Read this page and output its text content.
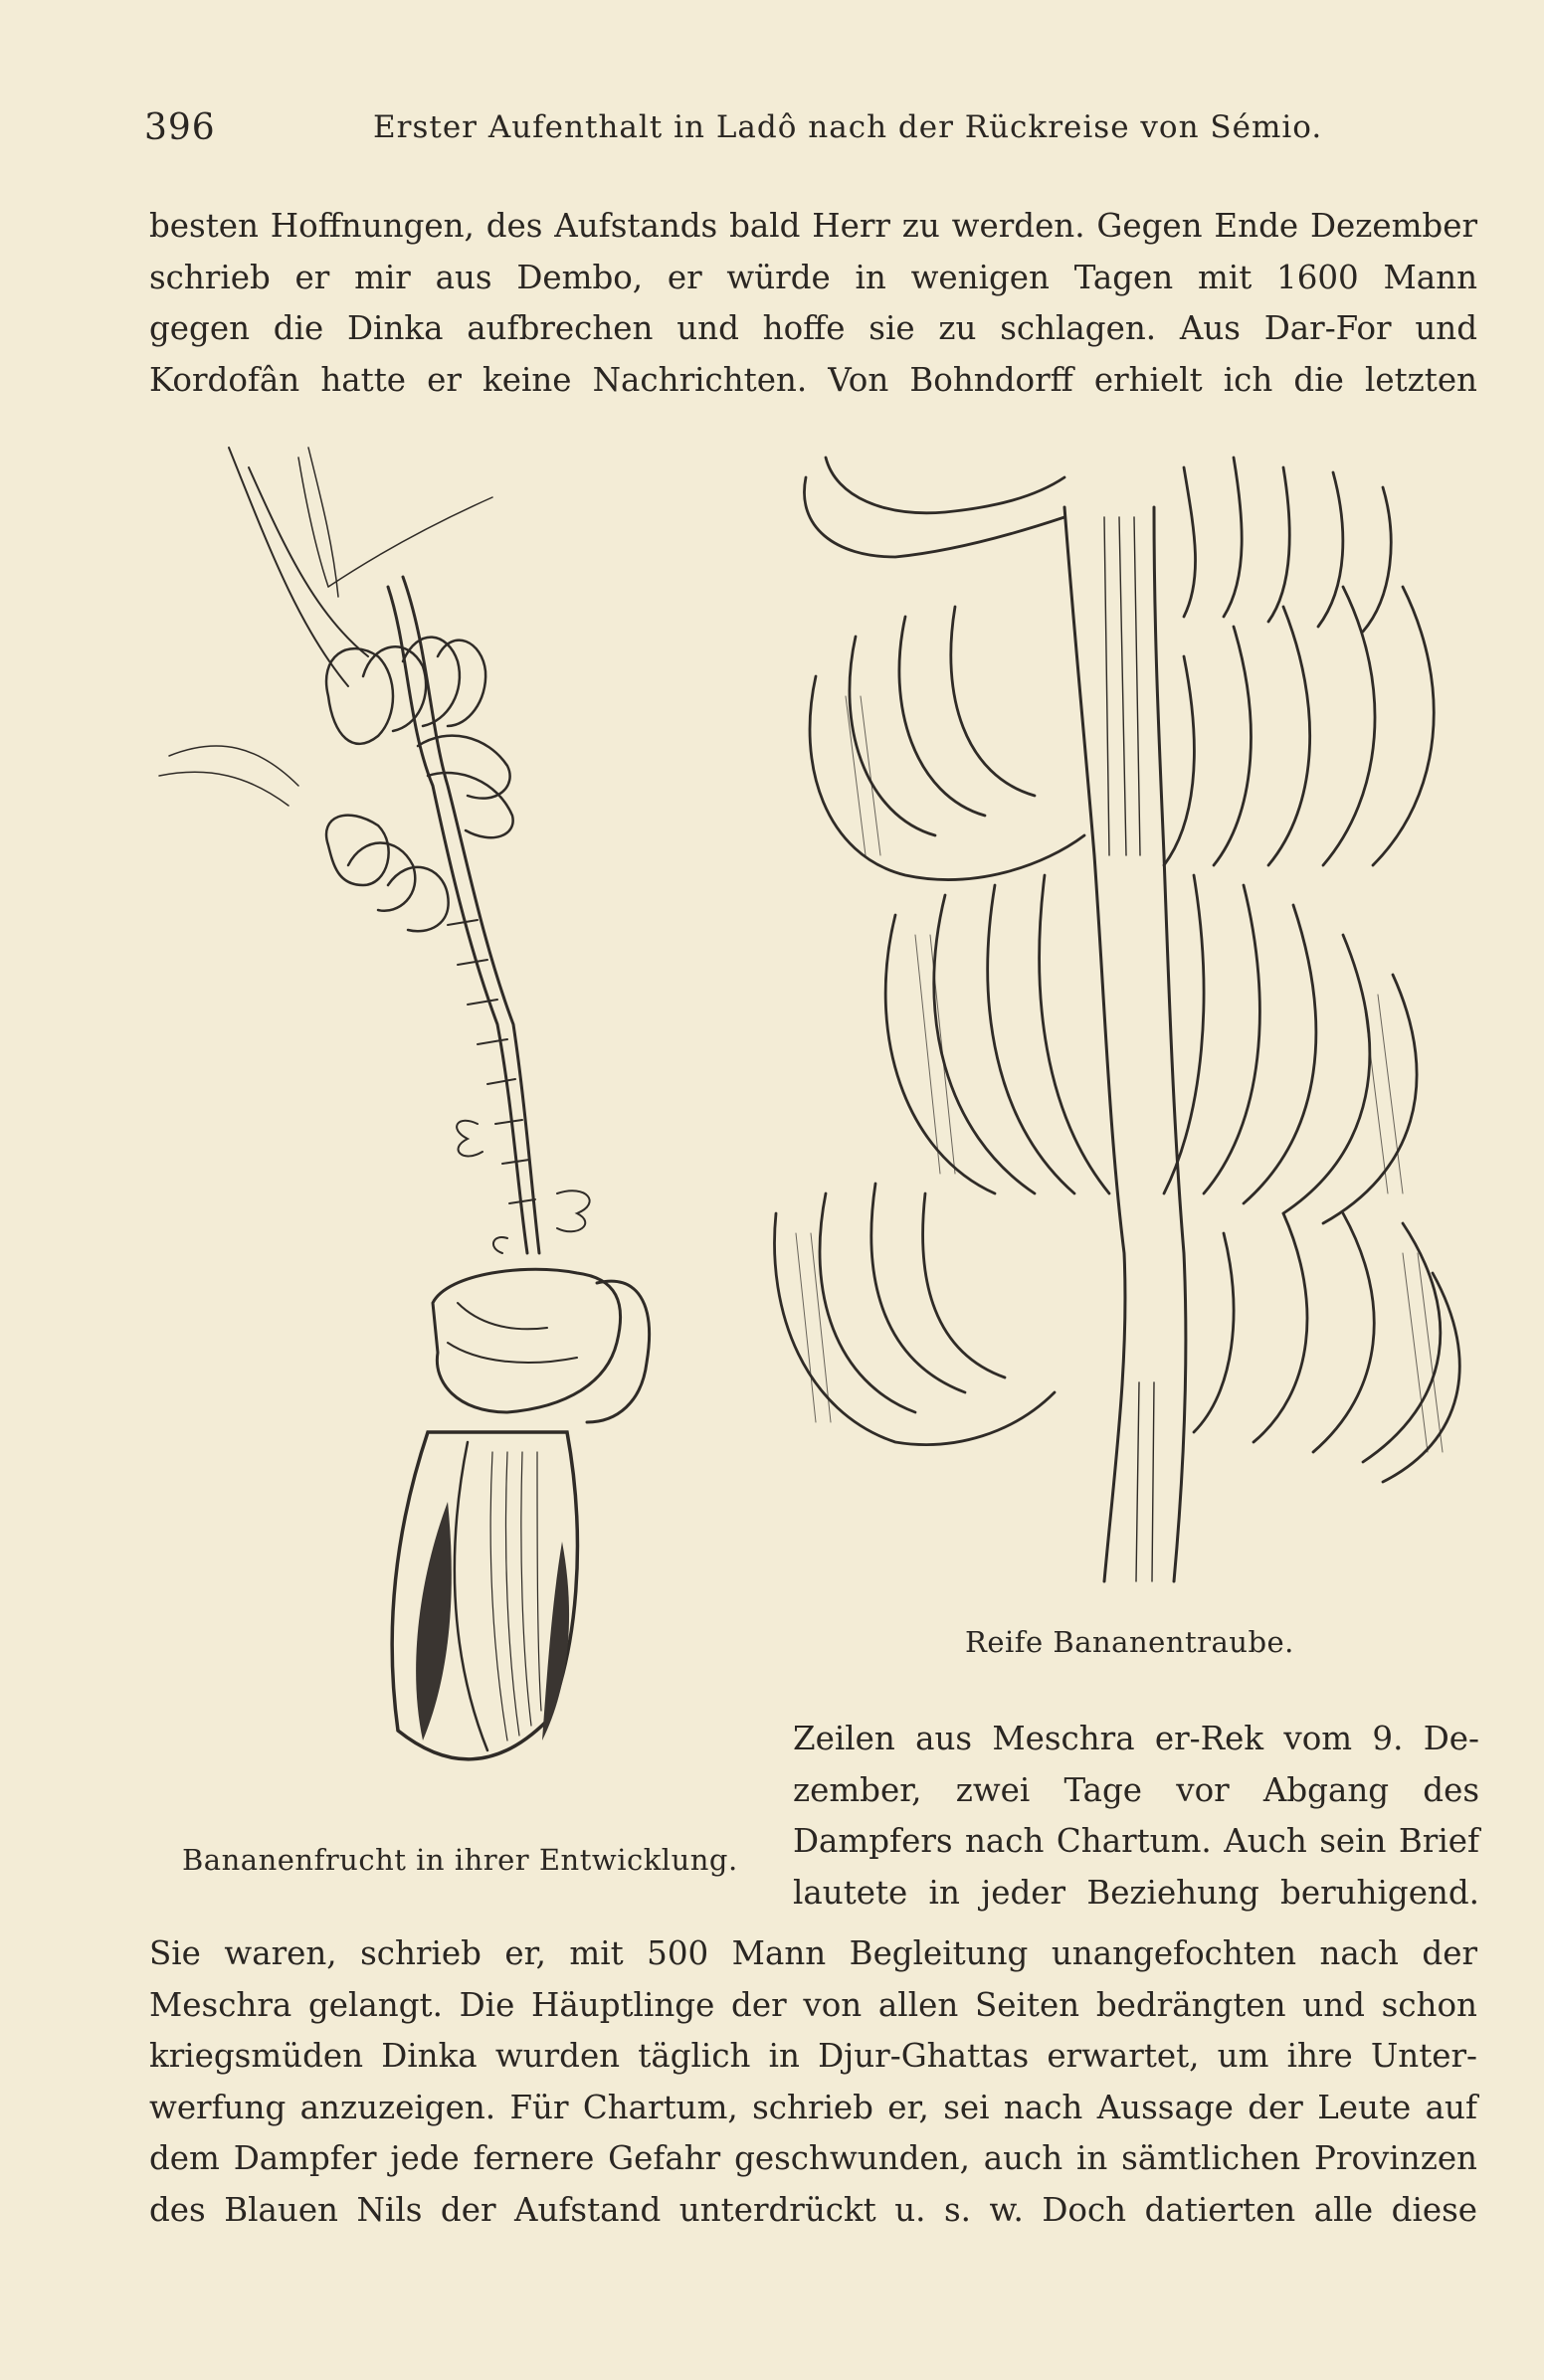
396	Erster Aufenthalt in Ladô nach der Rückreise von Sémio.
besten Hoffnungen, des Aufstands bald Herr zu werden. Gegen Ende Dezember
schrieb er mir aus Dembo, er würde in wenigen Tagen mit 1600 Mann
gegen die Dinka aufbrechen und hoffe sie zu schlagen. Aus Dar-For und
Kordofân hatte er keine Nachrichten. Von Bohndorff erhielt ich die letzten
Bananenfrucht in ihrer Entwicklung.
Reife Bananentraube.
Zeilen aus Meschra er-Rek vom 9. De-
zember, zwei Tage vor Abgang des
Dampfers nach Chartum. Auch sein Brief
lautete in jeder Beziehung beruhigend.
Sie waren, schrieb er, mit 500 Mann Begleitung unangefochten nach der
Meschra gelangt. Die Häuptlinge der von allen Seiten bedrängten und schon
kriegsmüden Dinka wurden täglich in Djur-Ghattas erwartet, um ihre Unter-
werfung anzuzeigen. Für Chartum, schrieb er, sei nach Aussage der Leute auf
dem Dampfer jede fernere Gefahr geschwunden, auch in sämtlichen Provinzen
des Blauen Nils der Aufstand unterdrückt u. s. w. Doch datierten alle diese
